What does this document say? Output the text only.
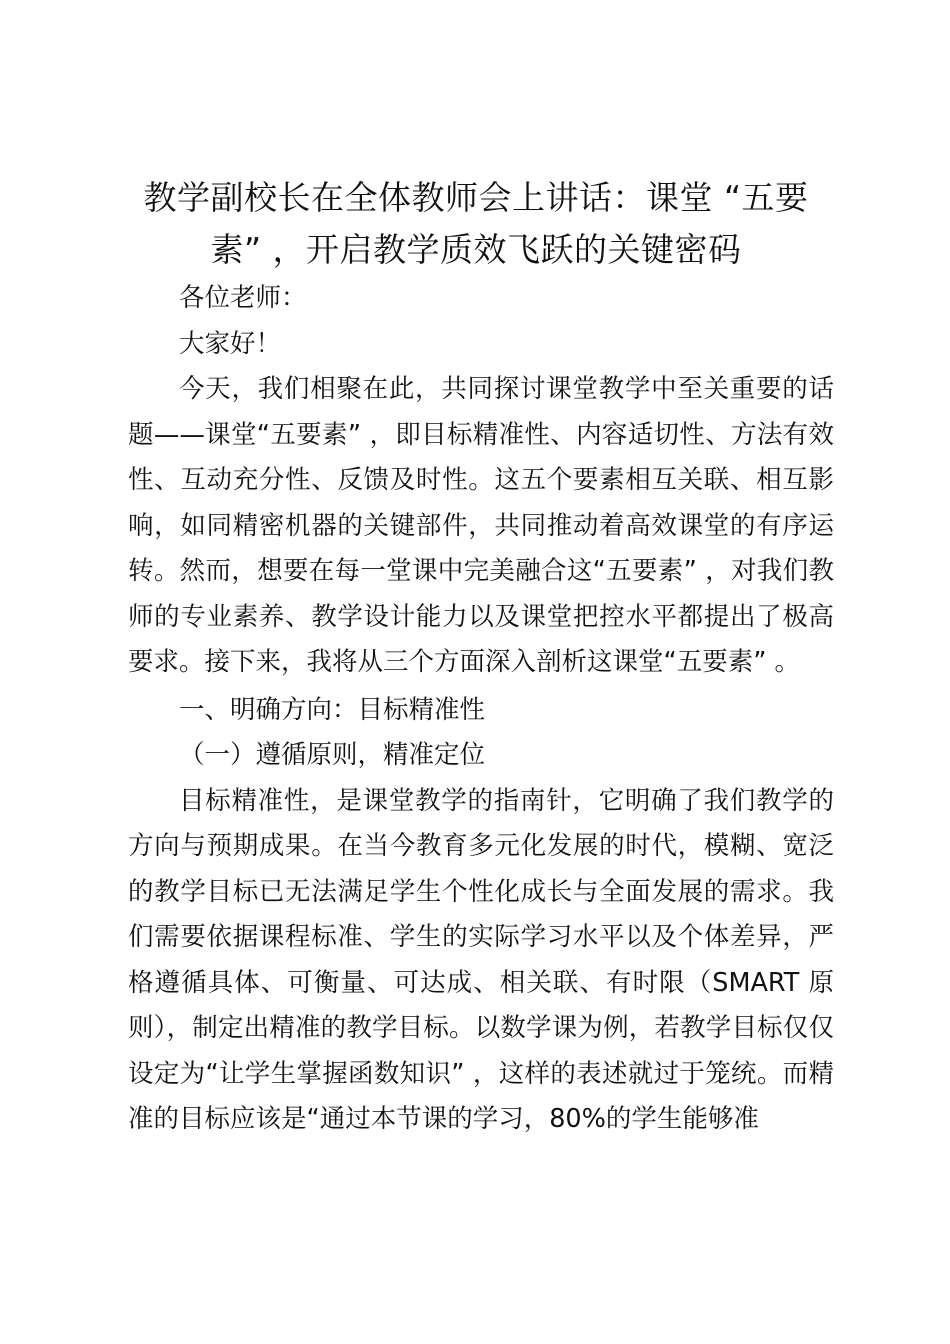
教学副校长在全体教师会上讲话：课堂 “五要素” ，开启教学质效飞跃的关键密码

各位老师：

大家好！

今天，我们相聚在此，共同探讨课堂教学中至关重要的话题——课堂“五要素” ，即目标精准性、内容适切性、方法有效性、互动充分性、反馈及时性。这五个要素相互关联、相互影响，如同精密机器的关键部件，共同推动着高效课堂的有序运转。然而，想要在每一堂课中完美融合这“五要素” ，对我们教师的专业素养、教学设计能力以及课堂把控水平都提出了极高要求。接下来，我将从三个方面深入剖析这课堂“五要素” 。

一、明确方向：目标精准性

（一）遵循原则，精准定位

目标精准性，是课堂教学的指南针，它明确了我们教学的方向与预期成果。在当今教育多元化发展的时代，模糊、宽泛的教学目标已无法满足学生个性化成长与全面发展的需求。我们需要依据课程标准、学生的实际学习水平以及个体差异，严格遵循具体、可衡量、可达成、相关联、有时限（SMART 原则），制定出精准的教学目标。以数学课为例，若教学目标仅仅设定为“让学生掌握函数知识” ，这样的表述就过于笼统。而精准的目标应该是“通过本节课的学习，80%的学生能够准
